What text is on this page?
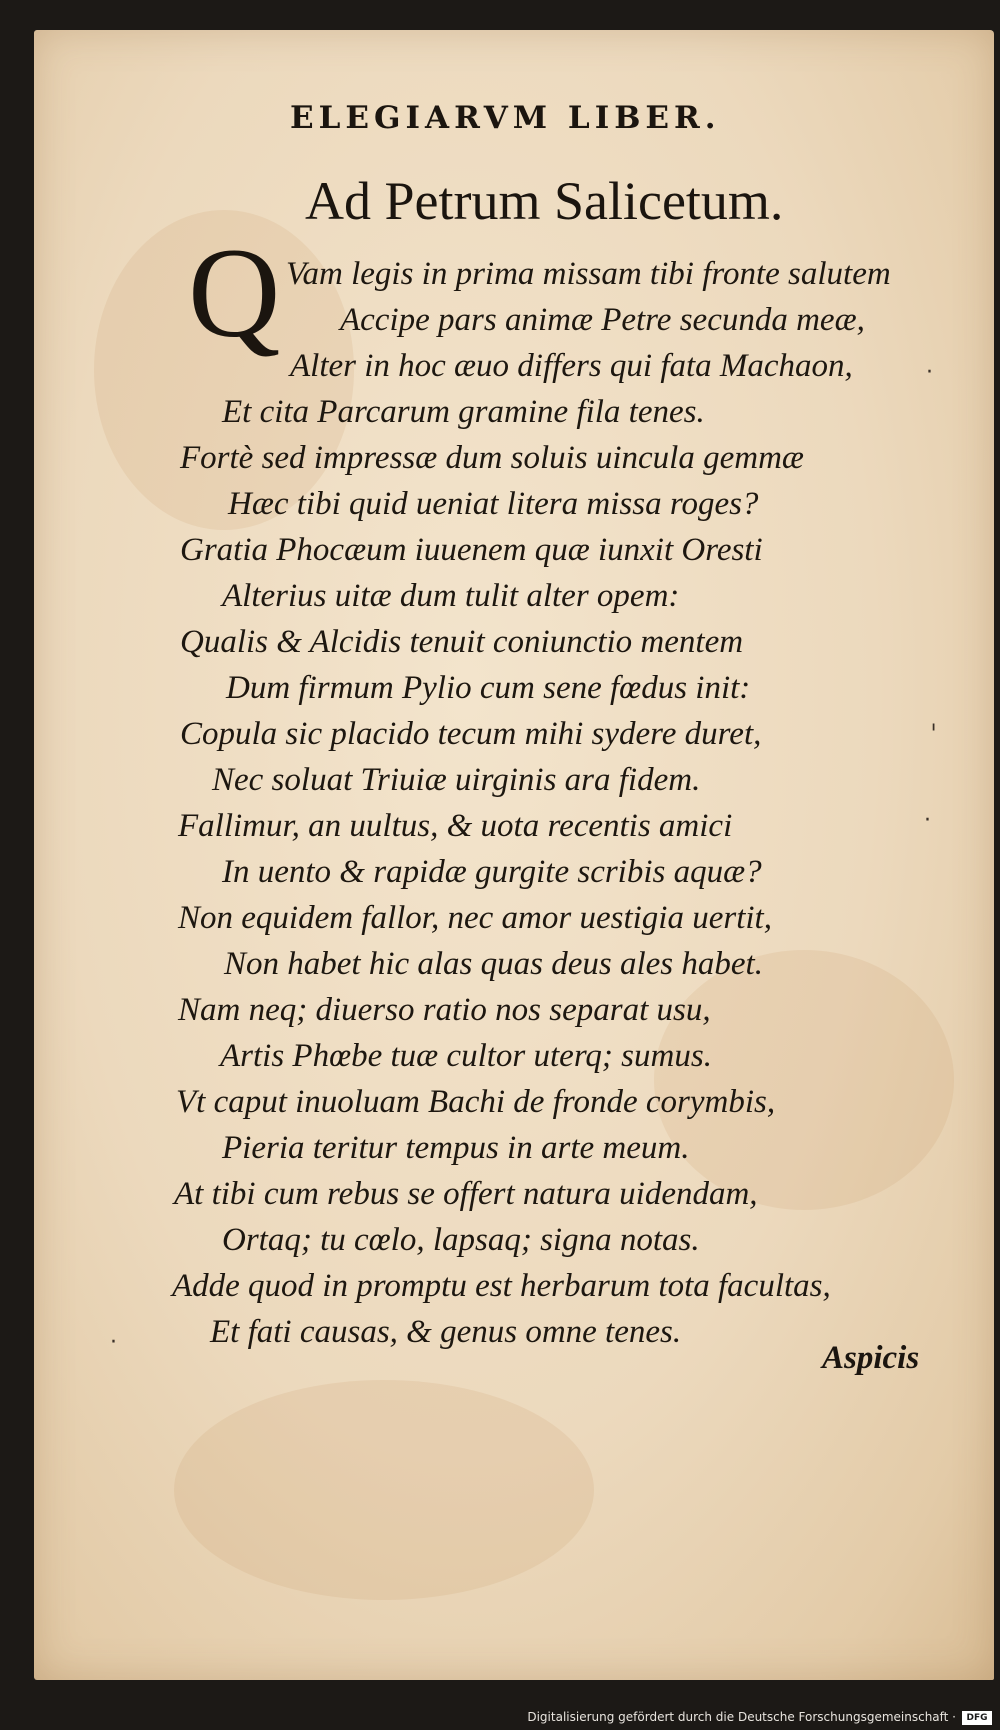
ELEGIARVM LIBER.
Ad Petrum Salicetum.
Q Vam legis in prima missam tibi fronte salutem
Accipe pars animæ Petre secunda meæ,
Alter in hoc æuo differs qui fata Machaon,
Et cita Parcarum gramine fila tenes.
Fortè sed impressæ dum soluis uincula gemmæ
Hæc tibi quid ueniat litera missa roges?
Gratia Phocæum iuuenem quæ iunxit Oresti
Alterius uitæ dum tulit alter opem:
Qualis & Alcidis tenuit coniunctio mentem
Dum firmum Pylio cum sene fœdus init:
Copula sic placido tecum mihi sydere duret,
Nec soluat Triuiæ uirginis ara fidem.
Fallimur, an uultus, & uota recentis amici
In uento & rapidæ gurgite scribis aquæ?
Non equidem fallor, nec amor uestigia uertit,
Non habet hic alas quas deus ales habet.
Nam neq; diuerso ratio nos separat usu,
Artis Phœbe tuæ cultor uterq; sumus.
Vt caput inuoluam Bachi de fronde corymbis,
Pieria teritur tempus in arte meum.
At tibi cum rebus se offert natura uidendam,
Ortaq; tu cœlo, lapsaq; signa notas.
Adde quod in promptu est herbarum tota facultas,
Et fati causas, & genus omne tenes.
Aspicis
·
ˈ
·
·
Digitalisierung gefördert durch die Deutsche Forschungsgemeinschaft ·	DFG
